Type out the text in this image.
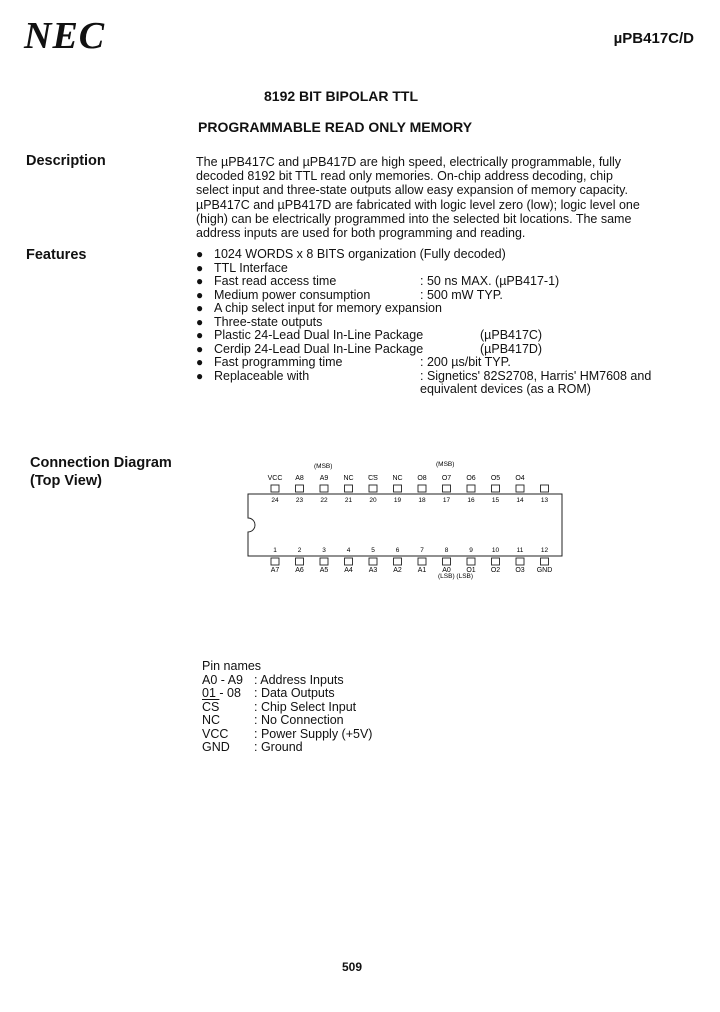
NEC	µPB417C/D
8192 BIT BIPOLAR TTL
PROGRAMMABLE READ ONLY MEMORY
Description	The µPB417C and µPB417D are high speed, electrically programmable, fully
decoded 8192 bit TTL read only memories. On-chip address decoding, chip
select input and three-state outputs allow easy expansion of memory capacity.
µPB417C and µPB417D are fabricated with logic level zero (low); logic level one
(high) can be electrically programmed into the selected bit locations. The same
address inputs are used for both programming and reading.
Features	● 1024 WORDS x 8 BITS organization (Fully decoded)
● TTL Interface
● Fast read access time	: 50 ns MAX. (µPB417-1)
● Medium power consumption	: 500 mW TYP.
● A chip select input for memory expansion
● Three-state outputs
● Plastic 24-Lead Dual In-Line Package	(µPB417C)
● Cerdip 24-Lead Dual In-Line Package	(µPB417D)
● Fast programming time	: 200 µs/bit TYP.
● Replaceable with	: Signetics' 82S2708, Harris' HM7608 and
equivalent devices (as a ROM)
Connection Diagram
(Top View)
(MSB)	(MSB)
VCC A8 A9 NC CS NC O8 O7 O6 O5 O4
24	23	22	21	20	19	18	17	16	15	14	13
1	2	3	4	5	6	7	8	9	10	11	12
A7 A6 A5 A4 A3 A2 A1 A0 O1 O2 O3 GND
(LSB) (LSB)
Pin names
A0 - A9 : Address Inputs
01 - 08	: Data Outputs
$\overline{CS}$	: Chip Select Input
NC	: No Connection
VCC	: Power Supply (+5V)
GND	: Ground
509
